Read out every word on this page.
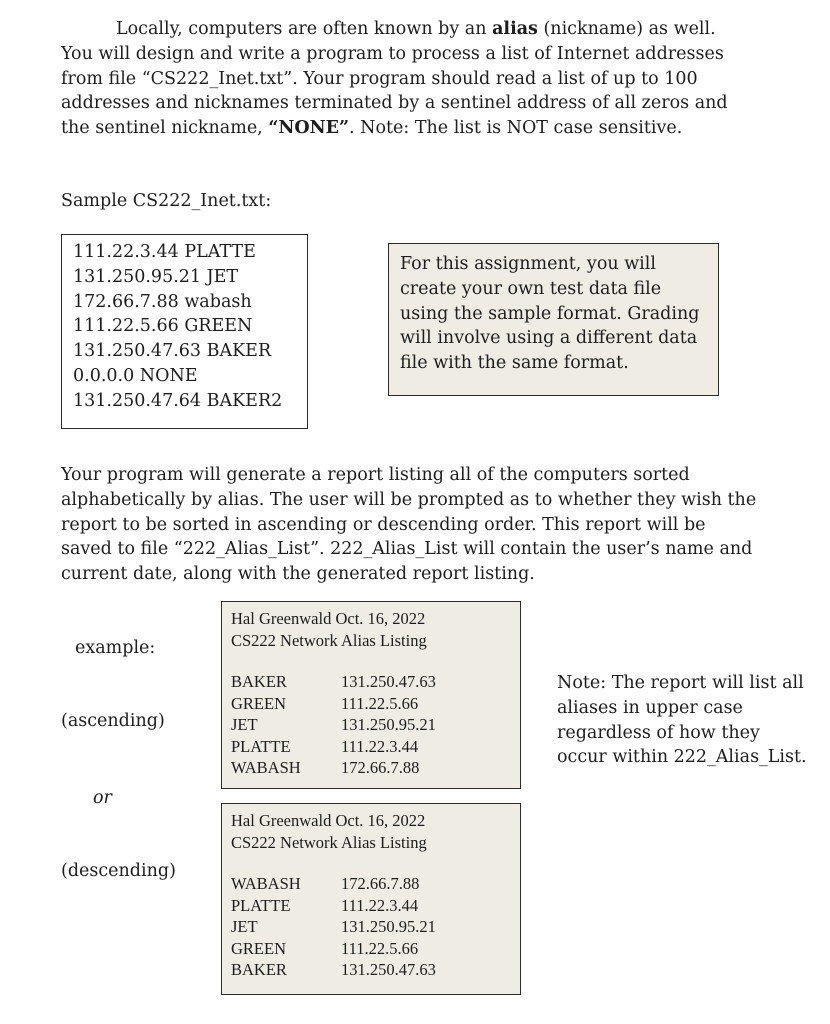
Locally, computers are often known by an alias (nickname) as well. You will design and write a program to process a list of Internet addresses from file “CS222_Inet.txt”. Your program should read a list of up to 100 addresses and nicknames terminated by a sentinel address of all zeros and the sentinel nickname, “NONE”. Note: The list is NOT case sensitive.

Sample CS222_Inet.txt:
111.22.3.44 PLATTE
131.250.95.21 JET
172.66.7.88 wabash
111.22.5.66 GREEN
131.250.47.63 BAKER
0.0.0.0 NONE
131.250.47.64 BAKER2
For this assignment, you will create your own test data file using the sample format. Grading will involve using a different data file with the same format.

Your program will generate a report listing all of the computers sorted alphabetically by alias. The user will be prompted as to whether they wish the report to be sorted in ascending or descending order. This report will be saved to file “222_Alias_List”. 222_Alias_List will contain the user’s name and current date, along with the generated report listing.

example:
(ascending)
or
(descending)
Hal Greenwald Oct. 16, 2022
CS222 Network Alias Listing
BAKER	131.250.47.63
GREEN	111.22.5.66
JET	131.250.95.21
PLATTE	111.22.3.44
WABASH	172.66.7.88
Hal Greenwald Oct. 16, 2022
CS222 Network Alias Listing
WABASH	172.66.7.88
PLATTE	111.22.3.44
JET	131.250.95.21
GREEN	111.22.5.66
BAKER	131.250.47.63
Note: The report will list all aliases in upper case regardless of how they occur within 222_Alias_List.
